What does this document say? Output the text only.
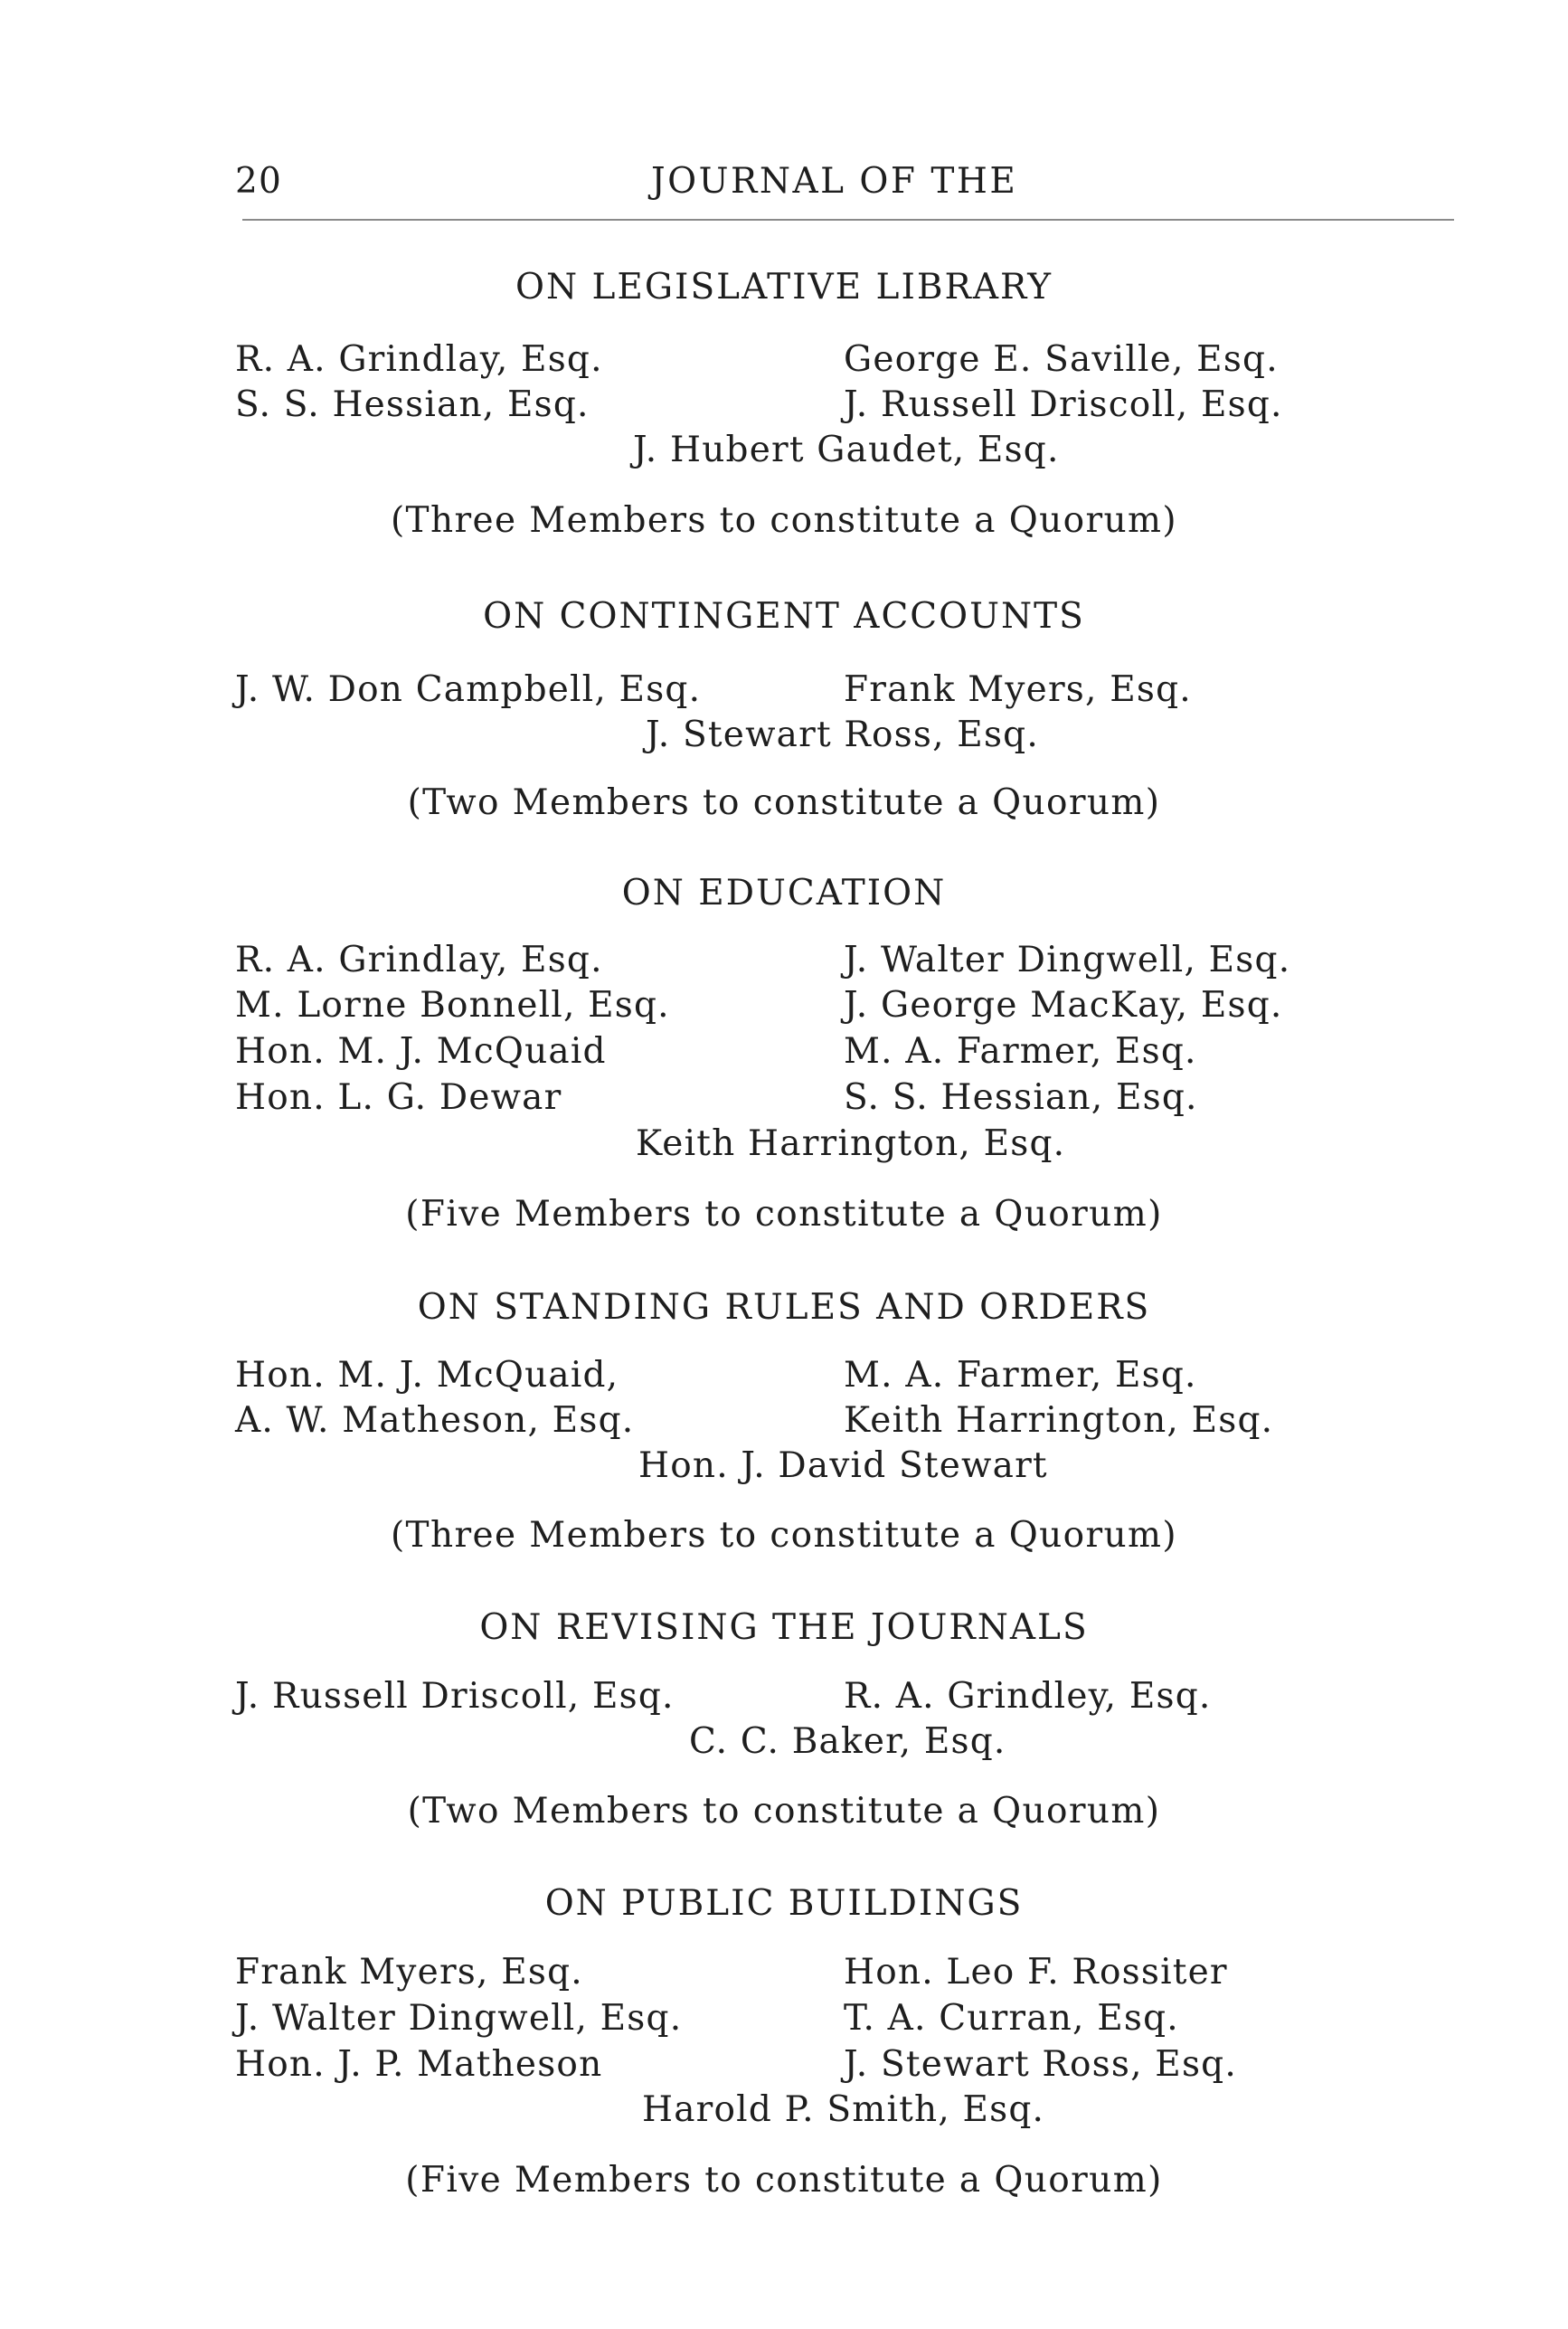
20	JOURNAL OF THE
ON LEGISLATIVE LIBRARY
R. A. Grindlay, Esq.	George E. Saville, Esq.
S. S. Hessian, Esq.	J. Russell Driscoll, Esq.
J. Hubert Gaudet, Esq.
(Three Members to constitute a Quorum)
ON CONTINGENT ACCOUNTS
J. W. Don Campbell, Esq.	Frank Myers, Esq.
J. Stewart Ross, Esq.
(Two Members to constitute a Quorum)
ON EDUCATION
R. A. Grindlay, Esq.	J. Walter Dingwell, Esq.
M. Lorne Bonnell, Esq.	J. George MacKay, Esq.
Hon. M. J. McQuaid	M. A. Farmer, Esq.
Hon. L. G. Dewar	S. S. Hessian, Esq.
Keith Harrington, Esq.
(Five Members to constitute a Quorum)
ON STANDING RULES AND ORDERS
Hon. M. J. McQuaid,	M. A. Farmer, Esq.
A. W. Matheson, Esq.	Keith Harrington, Esq.
Hon. J. David Stewart
(Three Members to constitute a Quorum)
ON REVISING THE JOURNALS
J. Russell Driscoll, Esq.	R. A. Grindley, Esq.
C. C. Baker, Esq.
(Two Members to constitute a Quorum)
ON PUBLIC BUILDINGS
Frank Myers, Esq.	Hon. Leo F. Rossiter
J. Walter Dingwell, Esq.	T. A. Curran, Esq.
Hon. J. P. Matheson	J. Stewart Ross, Esq.
Harold P. Smith, Esq.
(Five Members to constitute a Quorum)
